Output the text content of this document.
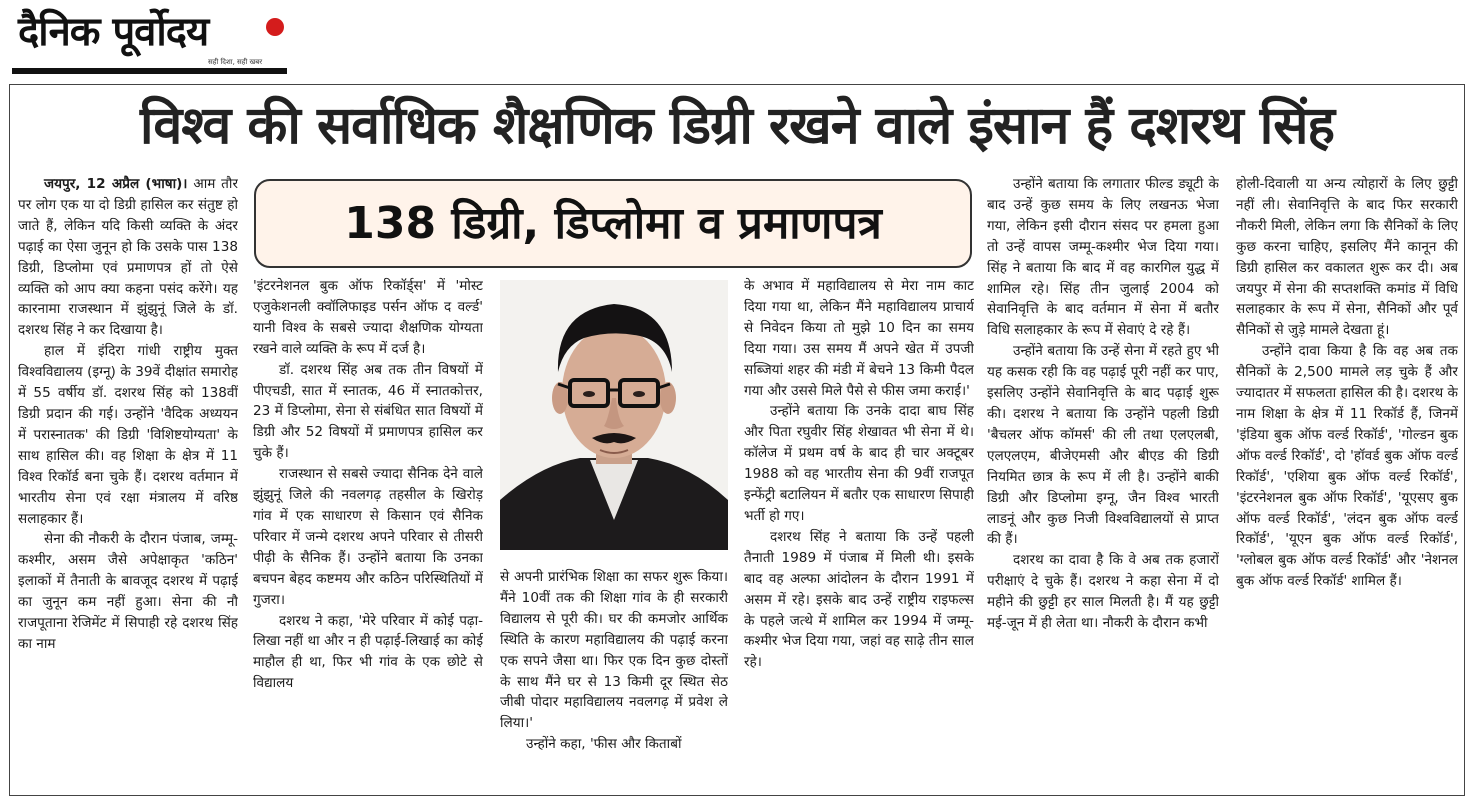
दैनिक पूर्वोदय
सही दिशा, सही खबर
विश्व की सर्वाधिक शैक्षणिक डिग्री रखने वाले इंसान हैं दशरथ सिंह
138 डिग्री, डिप्लोमा व प्रमाणपत्र

जयपुर, 12 अप्रैल (भाषा)। आम तौर पर लोग एक या दो डिग्री हासिल कर संतुष्ट हो जाते हैं, लेकिन यदि किसी व्यक्ति के अंदर पढ़ाई का ऐसा जुनून हो कि उसके पास 138 डिग्री, डिप्लोमा एवं प्रमाणपत्र हों तो ऐसे व्यक्ति को आप क्या कहना पसंद करेंगे। यह कारनामा राजस्थान में झुंझुनूं जिले के डॉ. दशरथ सिंह ने कर दिखाया है।

हाल में इंदिरा गांधी राष्ट्रीय मुक्त विश्वविद्यालय (इग्नू) के 39वें दीक्षांत समारोह में 55 वर्षीय डॉ. दशरथ सिंह को 138वीं डिग्री प्रदान की गई। उन्होंने 'वैदिक अध्ययन में परास्नातक' की डिग्री 'विशिष्टयोग्यता' के साथ हासिल की। वह शिक्षा के क्षेत्र में 11 विश्व रिकॉर्ड बना चुके हैं। दशरथ वर्तमान में भारतीय सेना एवं रक्षा मंत्रालय में वरिष्ठ सलाहकार हैं।

सेना की नौकरी के दौरान पंजाब, जम्मू-कश्मीर, असम जैसे अपेक्षाकृत 'कठिन' इलाकों में तैनाती के बावजूद दशरथ में पढ़ाई का जुनून कम नहीं हुआ। सेना की नौ राजपूताना रेजिमेंट में सिपाही रहे दशरथ सिंह का नाम

'इंटरनेशनल बुक ऑफ रिकॉर्ड्स' में 'मोस्ट एजुकेशनली क्वॉलिफाइड पर्सन ऑफ द वर्ल्ड' यानी विश्व के सबसे ज्यादा शैक्षणिक योग्यता रखने वाले व्यक्ति के रूप में दर्ज है।

डॉ. दशरथ सिंह अब तक तीन विषयों में पीएचडी, सात में स्नातक, 46 में स्नातकोत्तर, 23 में डिप्लोमा, सेना से संबंधित सात विषयों में डिग्री और 52 विषयों में प्रमाणपत्र हासिल कर चुके हैं।

राजस्थान से सबसे ज्यादा सैनिक देने वाले झुंझुनूं जिले की नवलगढ़ तहसील के खिरोड़ गांव में एक साधारण से किसान एवं सैनिक परिवार में जन्मे दशरथ अपने परिवार से तीसरी पीढ़ी के सैनिक हैं। उन्होंने बताया कि उनका बचपन बेहद कष्टमय और कठिन परिस्थितियों में गुजरा।

दशरथ ने कहा, 'मेरे परिवार में कोई पढ़ा-लिखा नहीं था और न ही पढ़ाई-लिखाई का कोई माहौल ही था, फिर भी गांव के एक छोटे से विद्यालय

से अपनी प्रारंभिक शिक्षा का सफर शुरू किया। मैंने 10वीं तक की शिक्षा गांव के ही सरकारी विद्यालय से पूरी की। घर की कमजोर आर्थिक स्थिति के कारण महाविद्यालय की पढ़ाई करना एक सपने जैसा था। फिर एक दिन कुछ दोस्तों के साथ मैंने घर से 13 किमी दूर स्थित सेठ जीबी पोदार महाविद्यालय नवलगढ़ में प्रवेश ले लिया।'

उन्होंने कहा, 'फीस और किताबों

के अभाव में महाविद्यालय से मेरा नाम काट दिया गया था, लेकिन मैंने महाविद्यालय प्राचार्य से निवेदन किया तो मुझे 10 दिन का समय दिया गया। उस समय मैं अपने खेत में उपजी सब्जियां शहर की मंडी में बेचने 13 किमी पैदल गया और उससे मिले पैसे से फीस जमा कराई।'

उन्होंने बताया कि उनके दादा बाघ सिंह और पिता रघुवीर सिंह शेखावत भी सेना में थे। कॉलेज में प्रथम वर्ष के बाद ही चार अक्टूबर 1988 को वह भारतीय सेना की 9वीं राजपूत इन्फेंट्री बटालियन में बतौर एक साधारण सिपाही भर्ती हो गए।

दशरथ सिंह ने बताया कि उन्हें पहली तैनाती 1989 में पंजाब में मिली थी। इसके बाद वह अल्फा आंदोलन के दौरान 1991 में असम में रहे। इसके बाद उन्हें राष्ट्रीय राइफल्स के पहले जत्थे में शामिल कर 1994 में जम्मू-कश्मीर भेज दिया गया, जहां वह साढ़े तीन साल रहे।

उन्होंने बताया कि लगातार फील्ड ड्यूटी के बाद उन्हें कुछ समय के लिए लखनऊ भेजा गया, लेकिन इसी दौरान संसद पर हमला हुआ तो उन्हें वापस जम्मू-कश्मीर भेज दिया गया। सिंह ने बताया कि बाद में वह कारगिल युद्ध में शामिल रहे। सिंह तीन जुलाई 2004 को सेवानिवृत्ति के बाद वर्तमान में सेना में बतौर विधि सलाहकार के रूप में सेवाएं दे रहे हैं।

उन्होंने बताया कि उन्हें सेना में रहते हुए भी यह कसक रही कि वह पढ़ाई पूरी नहीं कर पाए, इसलिए उन्होंने सेवानिवृत्ति के बाद पढ़ाई शुरू की। दशरथ ने बताया कि उन्होंने पहली डिग्री 'बैचलर ऑफ कॉमर्स' की ली तथा एलएलबी, एलएलएम, बीजेएमसी और बीएड की डिग्री नियमित छात्र के रूप में ली है। उन्होंने बाकी डिग्री और डिप्लोमा इग्नू, जैन विश्व भारती लाडनूं और कुछ निजी विश्वविद्यालयों से प्राप्त की हैं।

दशरथ का दावा है कि वे अब तक हजारों परीक्षाएं दे चुके हैं। दशरथ ने कहा सेना में दो महीने की छुट्टी हर साल मिलती है। मैं यह छुट्टी मई-जून में ही लेता था। नौकरी के दौरान कभी

होली-दिवाली या अन्य त्योहारों के लिए छुट्टी नहीं ली। सेवानिवृत्ति के बाद फिर सरकारी नौकरी मिली, लेकिन लगा कि सैनिकों के लिए कुछ करना चाहिए, इसलिए मैंने कानून की डिग्री हासिल कर वकालत शुरू कर दी। अब जयपुर में सेना की सप्तशक्ति कमांड में विधि सलाहकार के रूप में सेना, सैनिकों और पूर्व सैनिकों से जुड़े मामले देखता हूं।

उन्होंने दावा किया है कि वह अब तक सैनिकों के 2,500 मामले लड़ चुके हैं और ज्यादातर में सफलता हासिल की है। दशरथ के नाम शिक्षा के क्षेत्र में 11 रिकॉर्ड हैं, जिनमें 'इंडिया बुक ऑफ वर्ल्ड रिकॉर्ड', 'गोल्डन बुक ऑफ वर्ल्ड रिकॉर्ड', दो 'हॉवर्ड बुक ऑफ वर्ल्ड रिकॉर्ड', 'एशिया बुक ऑफ वर्ल्ड रिकॉर्ड', 'इंटरनेशनल बुक ऑफ रिकॉर्ड', 'यूएसए बुक ऑफ वर्ल्ड रिकॉर्ड', 'लंदन बुक ऑफ वर्ल्ड रिकॉर्ड', 'यूएन बुक ऑफ वर्ल्ड रिकॉर्ड', 'ग्लोबल बुक ऑफ वर्ल्ड रिकॉर्ड' और 'नेशनल बुक ऑफ वर्ल्ड रिकॉर्ड' शामिल हैं।
